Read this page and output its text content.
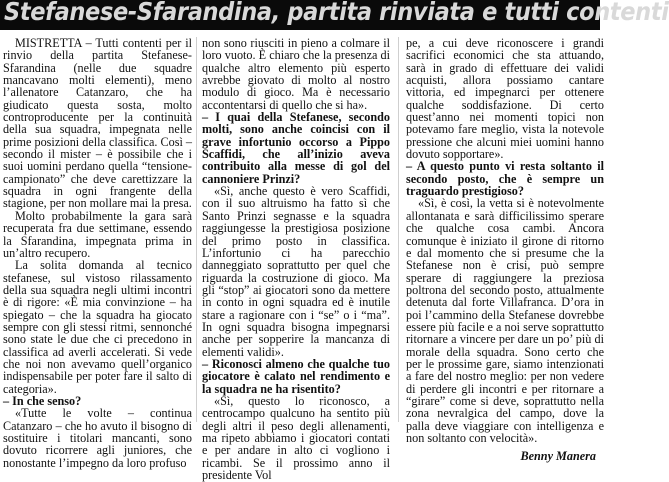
Stefanese-Sfarandina, partita rinviata e tutti contenti

MISTRETTA – Tutti contenti per il rinvio della partita Stefanese-Sfarandina (nelle due squadre mancavano molti elementi), meno l’allenatore Catanzaro, che ha giudicato questa sosta, molto controproducente per la continuità della sua squadra, impegnata nelle prime posizioni della classifica. Così – secondo il mister – è possibile che i suoi uomini perdano quella “tensione-campionato” che deve carettizzare la squadra in ogni frangente della stagione, per non mollare mai la presa.

Molto probabilmente la gara sarà recuperata fra due settimane, essendo la Sfarandina, impegnata prima in un’altro recupero.

La solita domanda al tecnico stefanese, sul vistoso rilassamento della sua squadra negli ultimi incontri è di rigore: «È mia convinzione – ha spiegato – che la squadra ha giocato sempre con gli stessi ritmi, sennonché sono state le due che ci precedono in classifica ad averli accelerati. Si vede che noi non avevamo quell’organico indispensabile per poter fare il salto di categoria».

– In che senso?

«Tutte le volte – continua Catanzaro – che ho avuto il bisogno di sostituire i titolari mancanti, sono dovuto ricorrere agli juniores, che nonostante l’impegno da loro profuso

non sono riusciti in pieno a colmare il loro vuoto. È chiaro che la presenza di qualche altro elemento più esperto avrebbe giovato di molto al nostro modulo di gioco. Ma è necessario accontentarsi di quello che si ha».

– I quai della Stefanese, secondo molti, sono anche coincisi con il grave infortunio occorso a Pippo Scaffidi, che all’inizio aveva contribuito alla messe di gol del cannoniere Prinzi?

«Sì, anche questo è vero Scaffidi, con il suo altruismo ha fatto sì che Santo Prinzi segnasse e la squadra raggiungesse la prestigiosa posizione del primo posto in classifica. L’infortunio ci ha parecchio danneggiato soprattutto per quel che riguarda la costruzione di gioco. Ma gli “stop” ai giocatori sono da mettere in conto in ogni squadra ed è inutile stare a ragionare con i “se” o i “ma”. In ogni squadra bisogna impegnarsi anche per sopperire la mancanza di elementi validi».

– Riconosci almeno che qualche tuo giocatore è calato nel rendimento e la squadra ne ha risentito?

«Sì, questo lo riconosco, a centrocampo qualcuno ha sentito più degli altri il peso degli allenamenti, ma ripeto abbiamo i giocatori contati e per andare in alto ci vogliono i ricambi. Se il prossimo anno il presidente Vol

pe, a cui deve riconoscere i grandi sacrifici economici che sta attuando, sarà in grado di effettuare dei validi acquisti, allora possiamo cantare vittoria, ed impegnarci per ottenere qualche soddisfazione. Di certo quest’anno nei momenti topici non potevamo fare meglio, vista la notevole pressione che alcuni miei uomini hanno dovuto sopportare».

– A questo punto vi resta soltanto il secondo posto, che è sempre un traguardo prestigioso?

«Sì, è così, la vetta si è notevolmente allontanata e sarà difficilissimo sperare che qualche cosa cambi. Ancora comunque è iniziato il girone di ritorno e dal momento che si presume che la Stefanese non è crisi, può sempre sperare di raggiungere la preziosa poltrona del secondo posto, attualmente detenuta dal forte Villafranca. D’ora in poi l’cammino della Stefanese dovrebbe essere più facile e a noi serve soprattutto ritornare a vincere per dare un po’ più di morale della squadra. Sono certo che per le prossime gare, siamo intenzionati a fare del nostro meglio: per non vedere di perdere gli incontri e per ritornare a “girare” come si deve, soprattutto nella zona nevralgica del campo, dove la palla deve viaggiare con intelligenza e non soltanto con velocità».

Benny Manera
